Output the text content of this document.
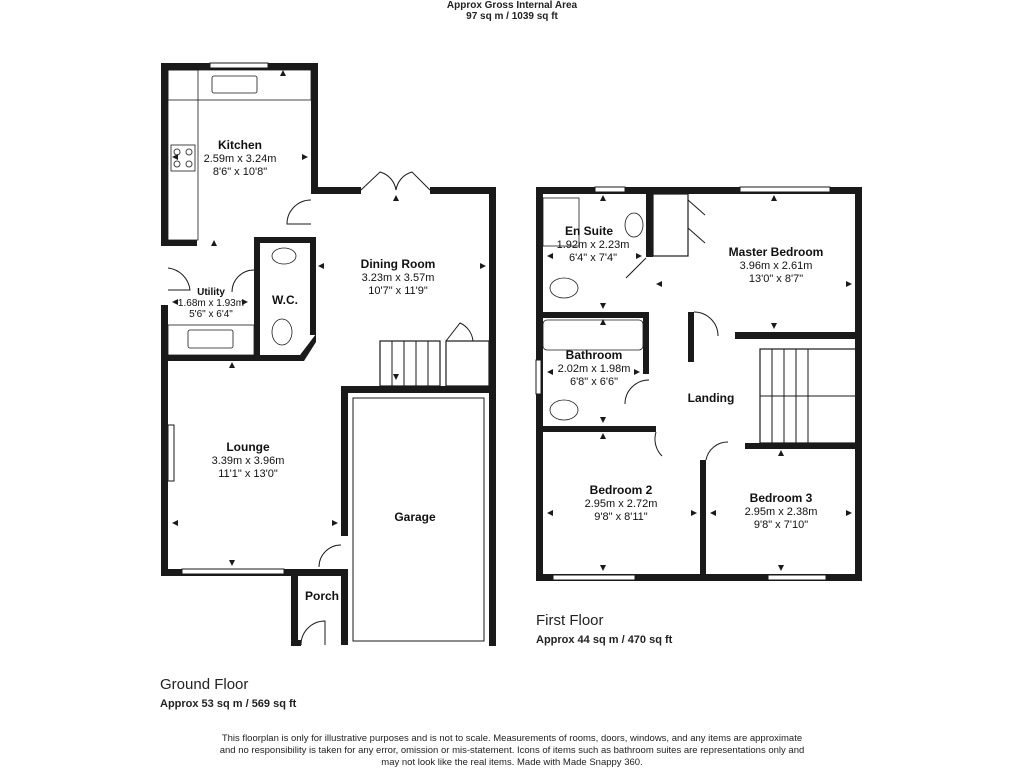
Approx Gross Internal Area
97 sq m / 1039 sq ft
Kitchen
2.59m x 3.24m
8'6" x 10'8"
Dining Room
3.23m x 3.57m
10'7" x 11'9"
Utility
1.68m x 1.93m
5'6" x 6'4"
W.C.
Lounge
3.39m x 3.96m
11'1" x 13'0"
Garage
Porch
En Suite
1.92m x 2.23m
6'4" x 7'4"	Master Bedroom
3.96m x 2.61m
13'0" x 8'7"
Bathroom
2.02m x 1.98m
6'8" x 6'6"
Landing
Bedroom 2
2.95m x 2.72m
9'8" x 8'11"
Bedroom 3
2.95m x 2.38m
9'8" x 7'10"
First Floor
Approx 44 sq m / 470 sq ft
Ground Floor
Approx 53 sq m / 569 sq ft
This floorplan is only for illustrative purposes and is not to scale. Measurements of rooms, doors, windows, and any items are approximate
and no responsibility is taken for any error, omission or mis-statement. Icons of items such as bathroom suites are representations only and
may not look like the real items. Made with Made Snappy 360.
